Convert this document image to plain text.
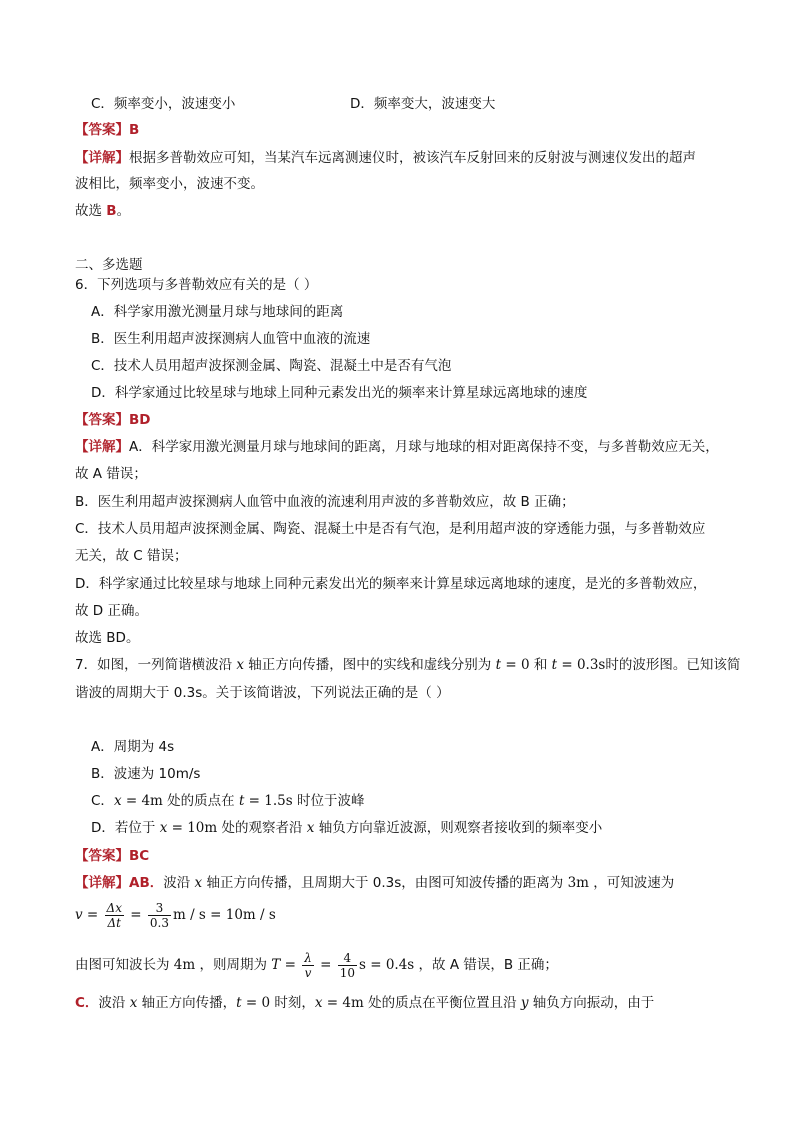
C．频率变小，波速变小	D．频率变大，波速变大
【答案】B
【详解】根据多普勒效应可知，当某汽车远离测速仪时，被该汽车反射回来的反射波与测速仪发出的超声
波相比，频率变小，波速不变。
故选 B。
二、多选题
6．下列选项与多普勒效应有关的是（ ）
A．科学家用激光测量月球与地球间的距离
B．医生利用超声波探测病人血管中血液的流速
C．技术人员用超声波探测金属、陶瓷、混凝土中是否有气泡
D．科学家通过比较星球与地球上同种元素发出光的频率来计算星球远离地球的速度
【答案】BD
【详解】A．科学家用激光测量月球与地球间的距离，月球与地球的相对距离保持不变，与多普勒效应无关，
故 A 错误；
B．医生利用超声波探测病人血管中血液的流速利用声波的多普勒效应，故 B 正确；
C．技术人员用超声波探测金属、陶瓷、混凝土中是否有气泡，是利用超声波的穿透能力强，与多普勒效应
无关，故 C 错误；
D．科学家通过比较星球与地球上同种元素发出光的频率来计算星球远离地球的速度，是光的多普勒效应，
故 D 正确。
故选 BD。
7．如图，一列简谐横波沿 x 轴正方向传播，图中的实线和虚线分别为 t = 0 和 t = 0.3s时的波形图。已知该简
谐波的周期大于 0.3s。关于该简谐波，下列说法正确的是（ ）
A．周期为 4s
B．波速为 10m/s
C．x = 4m 处的质点在 t = 1.5s 时位于波峰
D．若位于 x = 10m 处的观察者沿 x 轴负方向靠近波源，则观察者接收到的频率变小
【答案】BC
【详解】AB．波沿 x 轴正方向传播，且周期大于 0.3s，由图可知波传播的距离为 3m ，可知波速为
$v = \frac{\Delta x}{\Delta t} = \frac{3}{0.3}$ m / s = 10m / s
由图可知波长为 4m ，则周期为 $T = \frac{\lambda}{v} = \frac{4}{10}$ s = 0.4s ，故 A 错误，B 正确；
C．波沿 x 轴正方向传播，t = 0 时刻，x = 4m 处的质点在平衡位置且沿 y 轴负方向振动，由于
